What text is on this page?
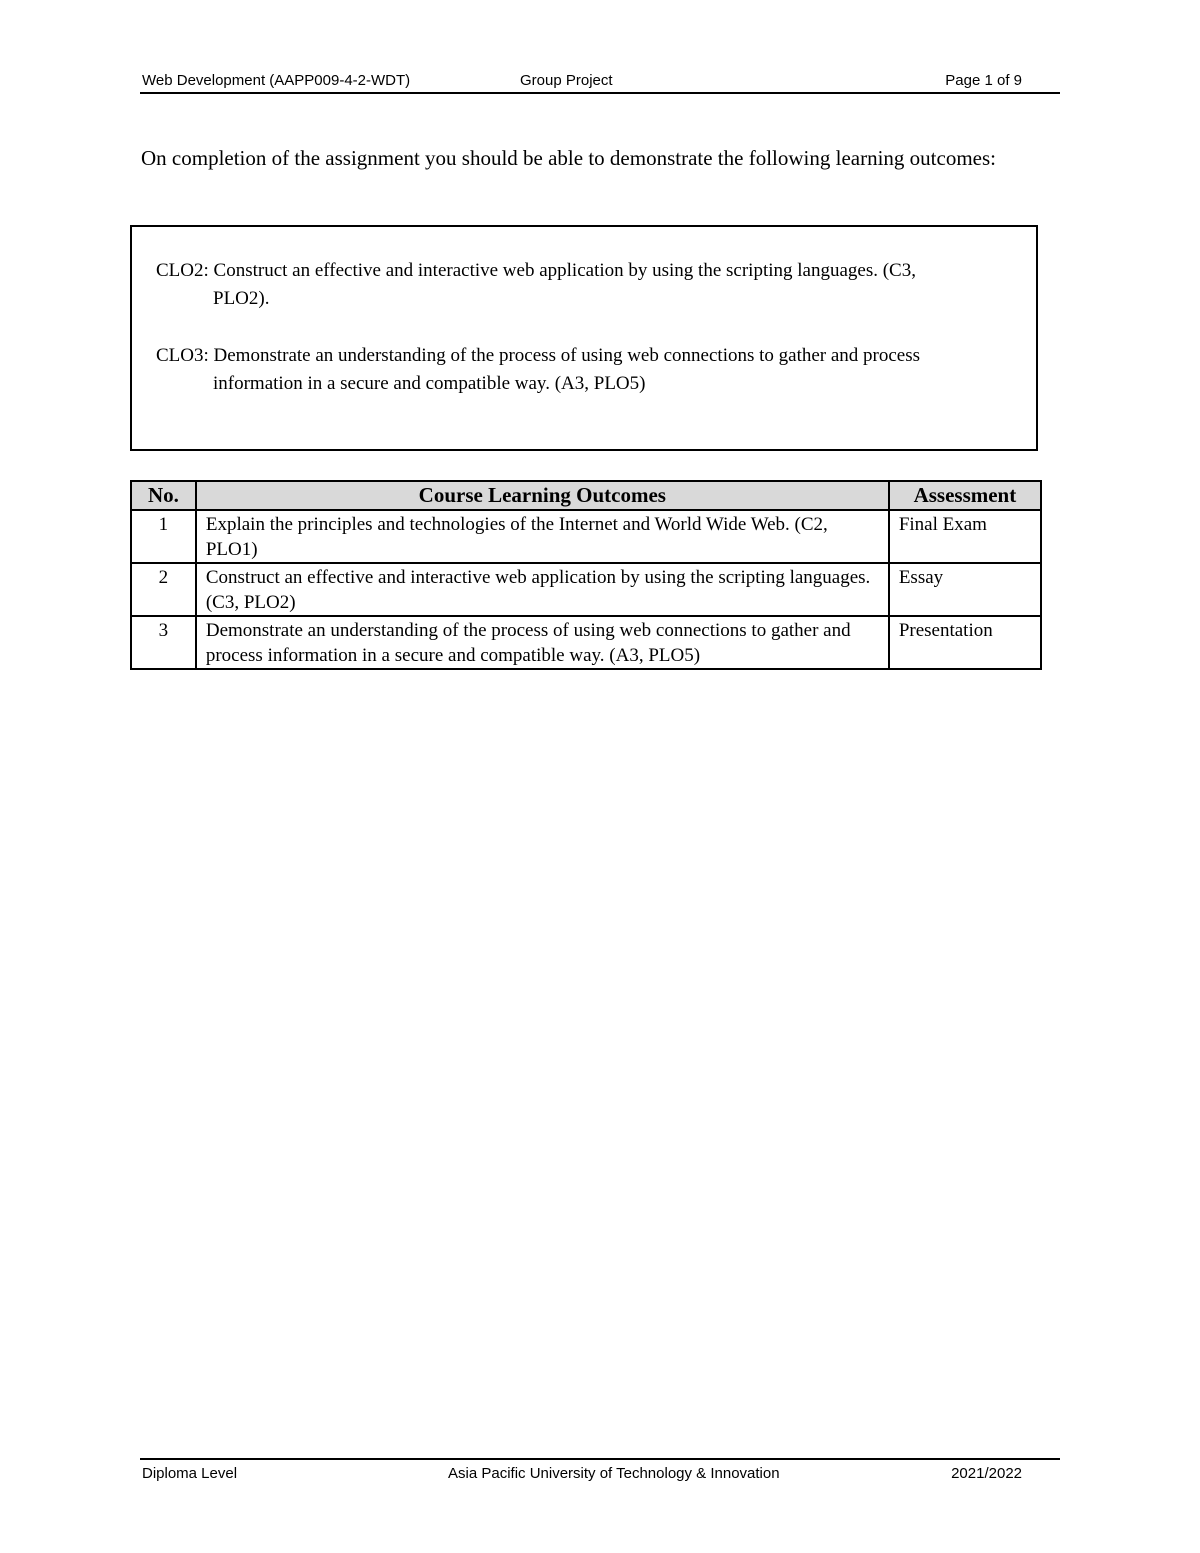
Web Development (AAPP009-4-2-WDT)	Group Project	Page 1 of 9

On completion of the assignment you should be able to demonstrate the following learning outcomes:

CLO2: Construct an effective and interactive web application by using the scripting languages. (C3,
PLO2).
CLO3: Demonstrate an understanding of the process of using web connections to gather and process
information in a secure and compatible way. (A3, PLO5)
No.	Course Learning Outcomes	Assessment
1	Explain the principles and technologies of the Internet and World Wide Web. (C2, PLO1)	Final Exam
2	Construct an effective and interactive web application by using the scripting languages. (C3, PLO2)	Essay
3	Demonstrate an understanding of the process of using web connections to gather and process information in a secure and compatible way. (A3, PLO5)	Presentation
Diploma Level	Asia Pacific University of Technology & Innovation	2021/2022
